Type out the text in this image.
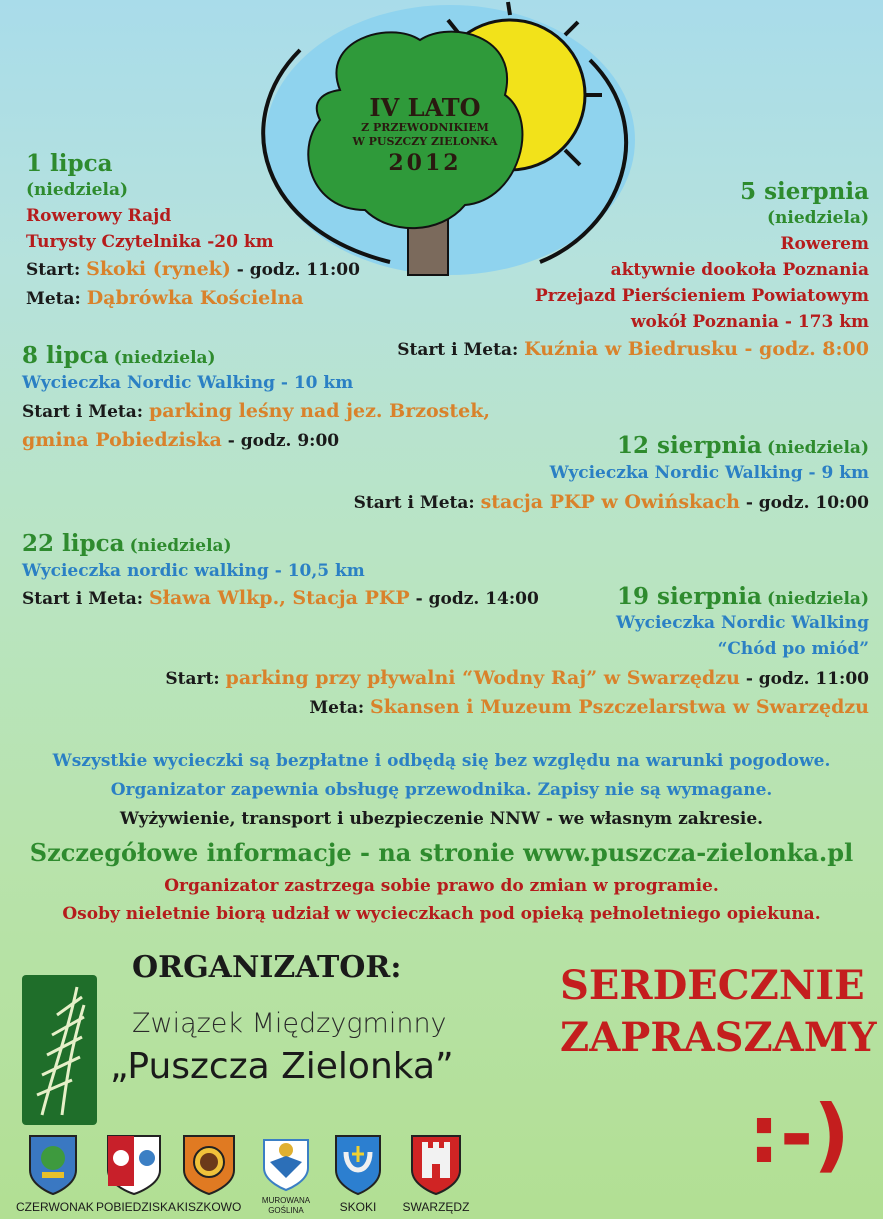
IV LATO
Z PRZEWODNIKIEM
W PUSZCZY ZIELONKA
2012
1 lipca
(niedziela)
Rowerowy Rajd
Turysty Czytelnika -20 km
Start: Skoki (rynek) - godz. 11:00
Meta: Dąbrówka Kościelna
5 sierpnia
(niedziela)
Rowerem
aktywnie dookoła Poznania
Przejazd Pierścieniem Powiatowym
wokół Poznania - 173 km
Start i Meta: Kuźnia w Biedrusku - godz. 8:00
8 lipca (niedziela)
Wycieczka Nordic Walking - 10 km
Start i Meta: parking leśny nad jez. Brzostek,
gmina Pobiedziska - godz. 9:00	12 sierpnia (niedziela)
Wycieczka Nordic Walking - 9 km
Start i Meta: stacja PKP w Owińskach - godz. 10:00
22 lipca (niedziela)
Wycieczka nordic walking - 10,5 km
Start i Meta: Sława Wlkp., Stacja PKP - godz. 14:00	19 sierpnia (niedziela)
Wycieczka Nordic Walking
“Chód po miód”
Start: parking przy pływalni “Wodny Raj” w Swarzędzu - godz. 11:00
Meta: Skansen i Muzeum Pszczelarstwa w Swarzędzu
Wszystkie wycieczki są bezpłatne i odbędą się bez względu na warunki pogodowe.
Organizator zapewnia obsługę przewodnika. Zapisy nie są wymagane.
Wyżywienie, transport i ubezpieczenie NNW - we własnym zakresie.
Szczegółowe informacje - na stronie www.puszcza-zielonka.pl
Organizator zastrzega sobie prawo do zmian w programie.
Osoby nieletnie biorą udział w wycieczkach pod opieką pełnoletniego opiekuna.
ORGANIZATOR:
Związek Międzygminny
„Puszcza Zielonka”
SERDECZNIE
ZAPRASZAMY
:-)
CZERWONAK POBIEDZISKA KISZKOWO	MUROWANA GOŚLINA	SKOKI	SWARZĘDZ
